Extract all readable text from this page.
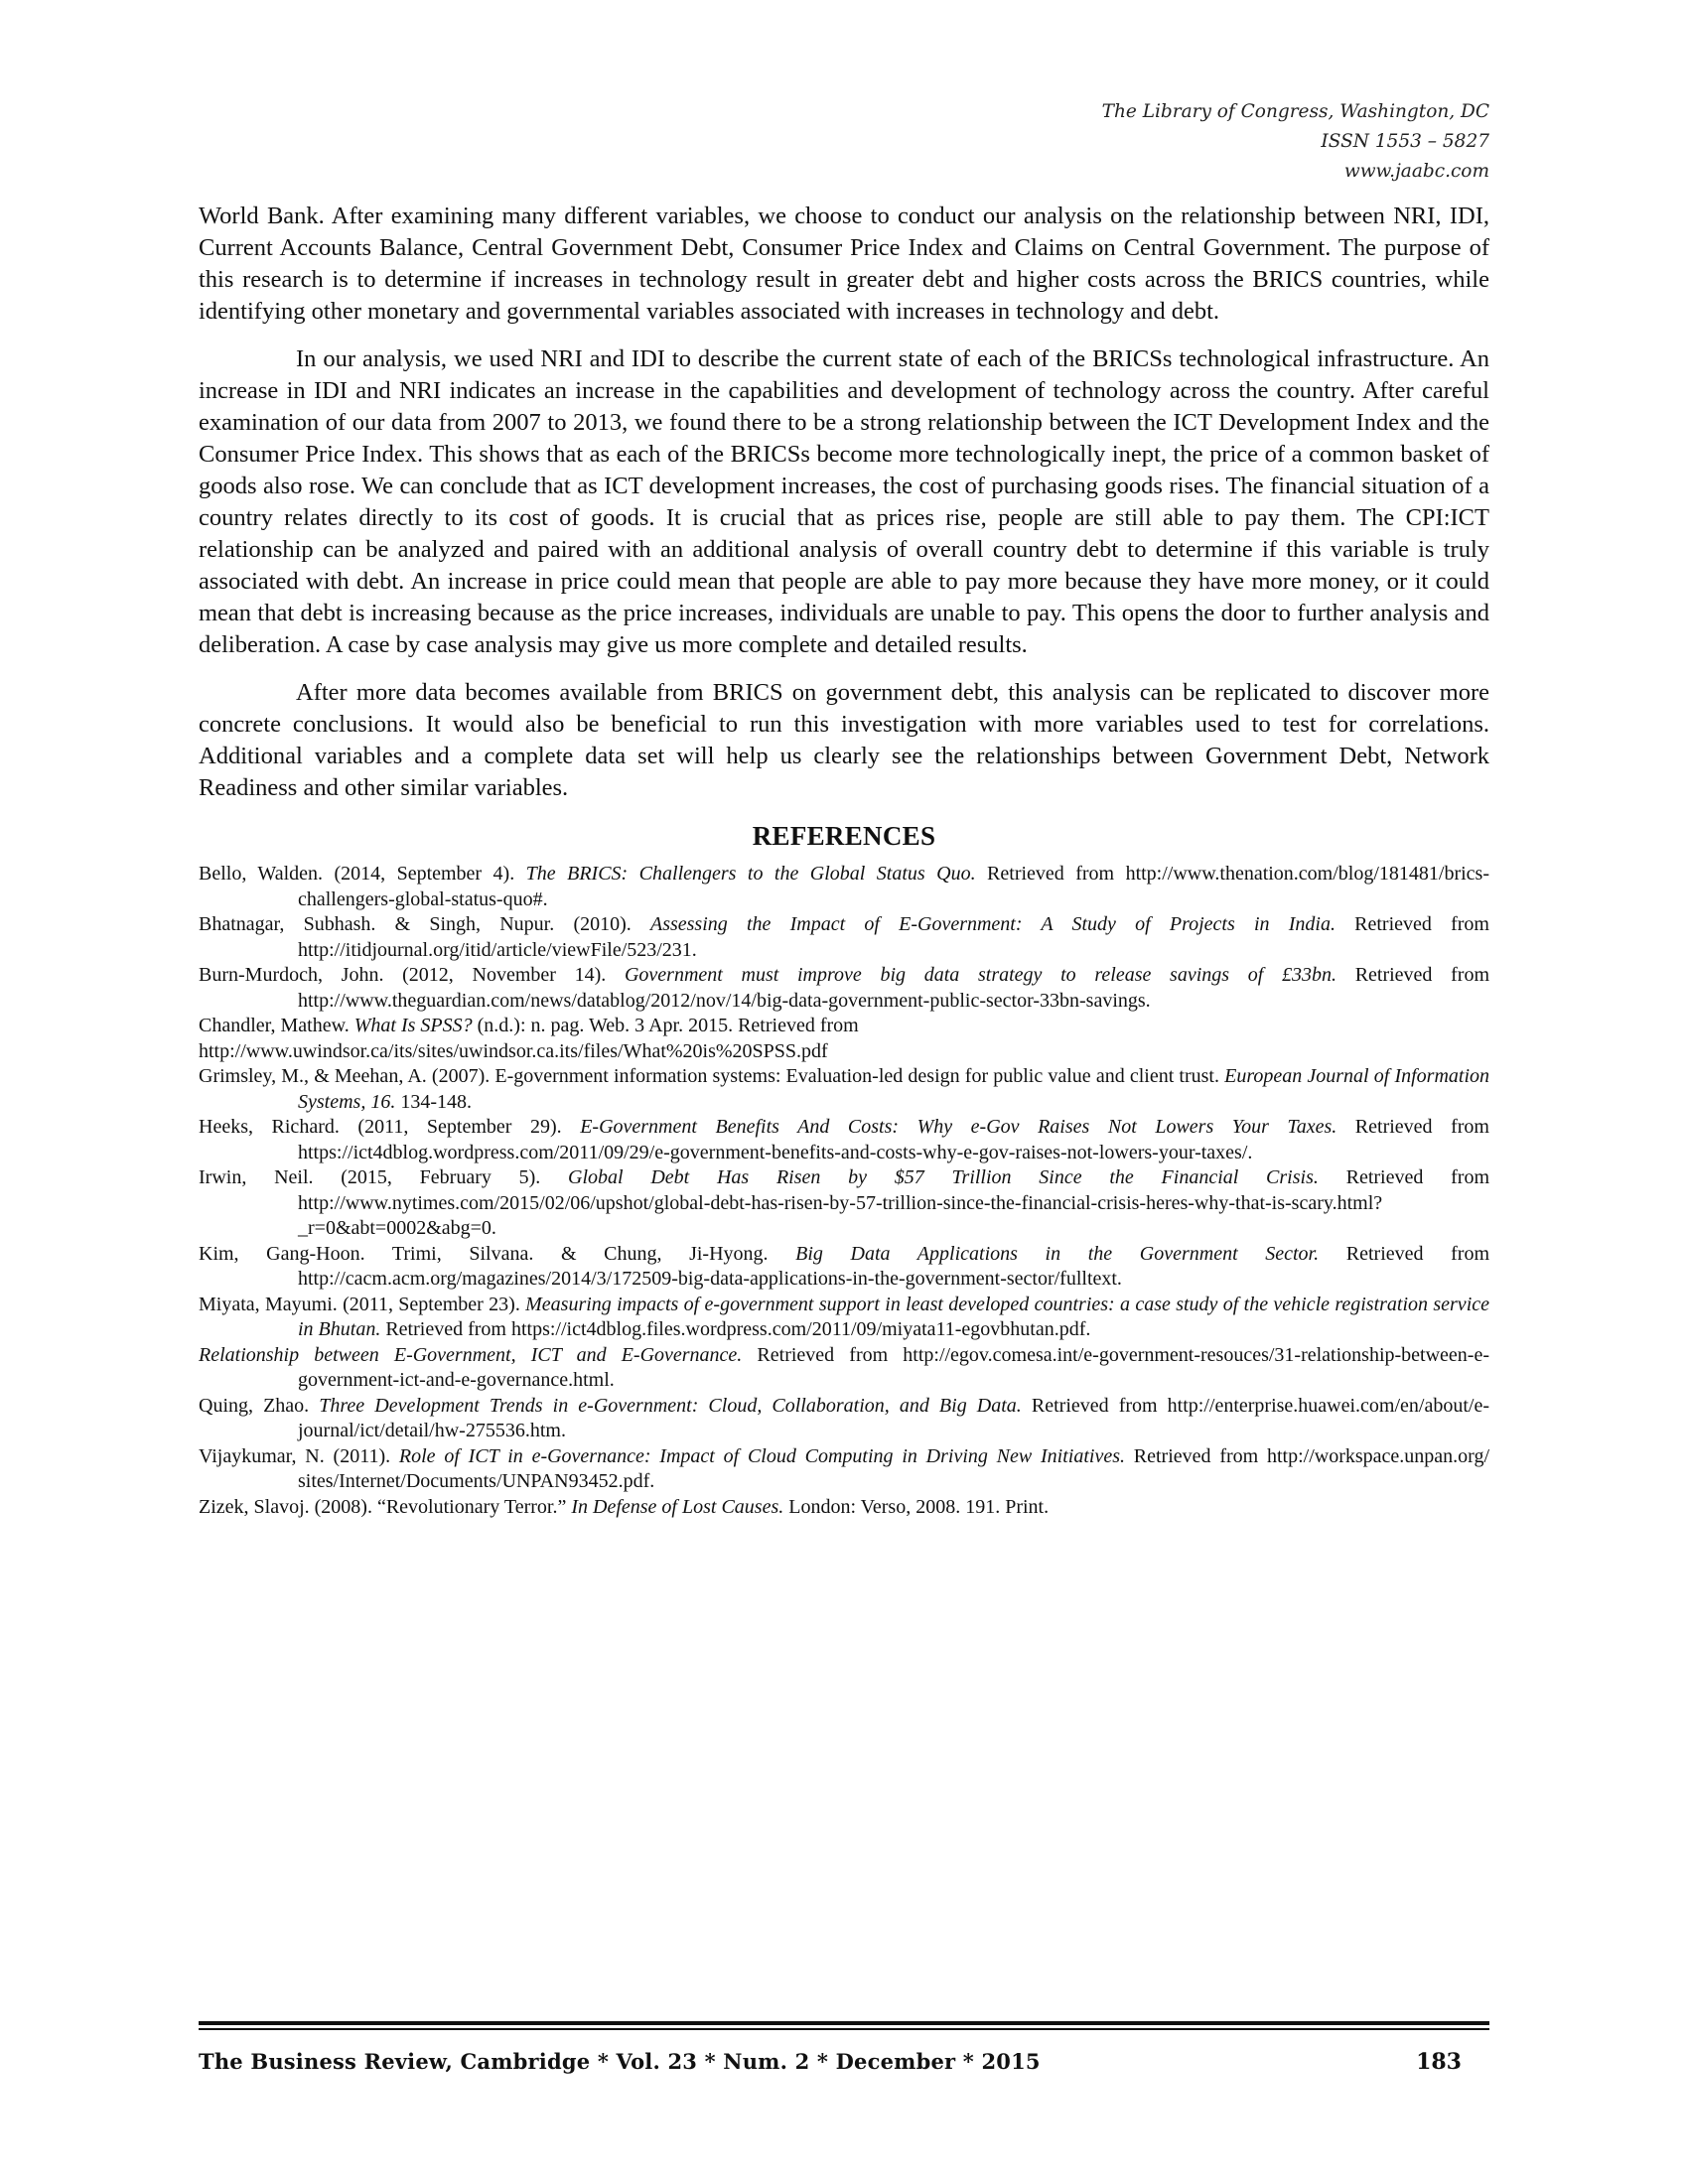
The Library of Congress, Washington, DC
ISSN 1553 – 5827
www.jaabc.com

World Bank. After examining many different variables, we choose to conduct our analysis on the relationship between NRI, IDI, Current Accounts Balance, Central Government Debt, Consumer Price Index and Claims on Central Government. The purpose of this research is to determine if increases in technology result in greater debt and higher costs across the BRICS countries, while identifying other monetary and governmental variables associated with increases in technology and debt.

In our analysis, we used NRI and IDI to describe the current state of each of the BRICSs technological infrastructure. An increase in IDI and NRI indicates an increase in the capabilities and development of technology across the country. After careful examination of our data from 2007 to 2013, we found there to be a strong relationship between the ICT Development Index and the Consumer Price Index. This shows that as each of the BRICSs become more technologically inept, the price of a common basket of goods also rose. We can conclude that as ICT development increases, the cost of purchasing goods rises. The financial situation of a country relates directly to its cost of goods. It is crucial that as prices rise, people are still able to pay them. The CPI:ICT relationship can be analyzed and paired with an additional analysis of overall country debt to determine if this variable is truly associated with debt. An increase in price could mean that people are able to pay more because they have more money, or it could mean that debt is increasing because as the price increases, individuals are unable to pay. This opens the door to further analysis and deliberation. A case by case analysis may give us more complete and detailed results.

After more data becomes available from BRICS on government debt, this analysis can be replicated to discover more concrete conclusions. It would also be beneficial to run this investigation with more variables used to test for correlations. Additional variables and a complete data set will help us clearly see the relationships between Government Debt, Network Readiness and other similar variables.

REFERENCES
Bello, Walden. (2014, September 4). The BRICS: Challengers to the Global Status Quo. Retrieved from http://www.thenation.com/blog/181481/brics-challengers-global-status-quo#.
Bhatnagar, Subhash. & Singh, Nupur. (2010). Assessing the Impact of E-Government: A Study of Projects in India. Retrieved from http://itidjournal.org/itid/article/viewFile/523/231.
Burn-Murdoch, John. (2012, November 14). Government must improve big data strategy to release savings of £33bn. Retrieved from http://www.theguardian.com/news/datablog/2012/nov/14/big-data-government-public-sector-33bn-savings.
Chandler, Mathew. What Is SPSS? (n.d.): n. pag. Web. 3 Apr. 2015. Retrieved from
http://www.uwindsor.ca/its/sites/uwindsor.ca.its/files/What%20is%20SPSS.pdf
Grimsley, M., & Meehan, A. (2007). E-government information systems: Evaluation-led design for public value and client trust. European Journal of Information Systems, 16. 134-148.
Heeks, Richard. (2011, September 29). E-Government Benefits And Costs: Why e-Gov Raises Not Lowers Your Taxes. Retrieved from https://ict4dblog.wordpress.com/2011/09/29/e-government-benefits-and-costs-why-e-gov-raises-not-lowers-your-taxes/.
Irwin, Neil. (2015, February 5). Global Debt Has Risen by $57 Trillion Since the Financial Crisis. Retrieved from http://www.nytimes.com/2015/02/06/upshot/global-debt-has-risen-by-57-trillion-since-the-financial-crisis-heres-why-that-is-scary.html?_r=0&abt=0002&abg=0.
Kim, Gang-Hoon. Trimi, Silvana. & Chung, Ji-Hyong. Big Data Applications in the Government Sector. Retrieved from http://cacm.acm.org/magazines/2014/3/172509-big-data-applications-in-the-government-sector/fulltext.
Miyata, Mayumi. (2011, September 23). Measuring impacts of e-government support in least developed countries: a case study of the vehicle registration service in Bhutan. Retrieved from https://ict4dblog.files.wordpress.com/2011/09/miyata11-egovbhutan.pdf.
Relationship between E-Government, ICT and E-Governance. Retrieved from http://egov.comesa.int/e-government-resouces/31-relationship-between-e-government-ict-and-e-governance.html.
Quing, Zhao. Three Development Trends in e-Government: Cloud, Collaboration, and Big Data. Retrieved from http://enterprise.huawei.com/en/about/e-journal/ict/detail/hw-275536.htm.
Vijaykumar, N. (2011). Role of ICT in e-Governance: Impact of Cloud Computing in Driving New Initiatives. Retrieved from http://workspace.unpan.org/ sites/Internet/Documents/UNPAN93452.pdf.
Zizek, Slavoj. (2008). “Revolutionary Terror.” In Defense of Lost Causes. London: Verso, 2008. 191. Print.
The Business Review, Cambridge * Vol. 23 * Num. 2 * December * 2015	183
